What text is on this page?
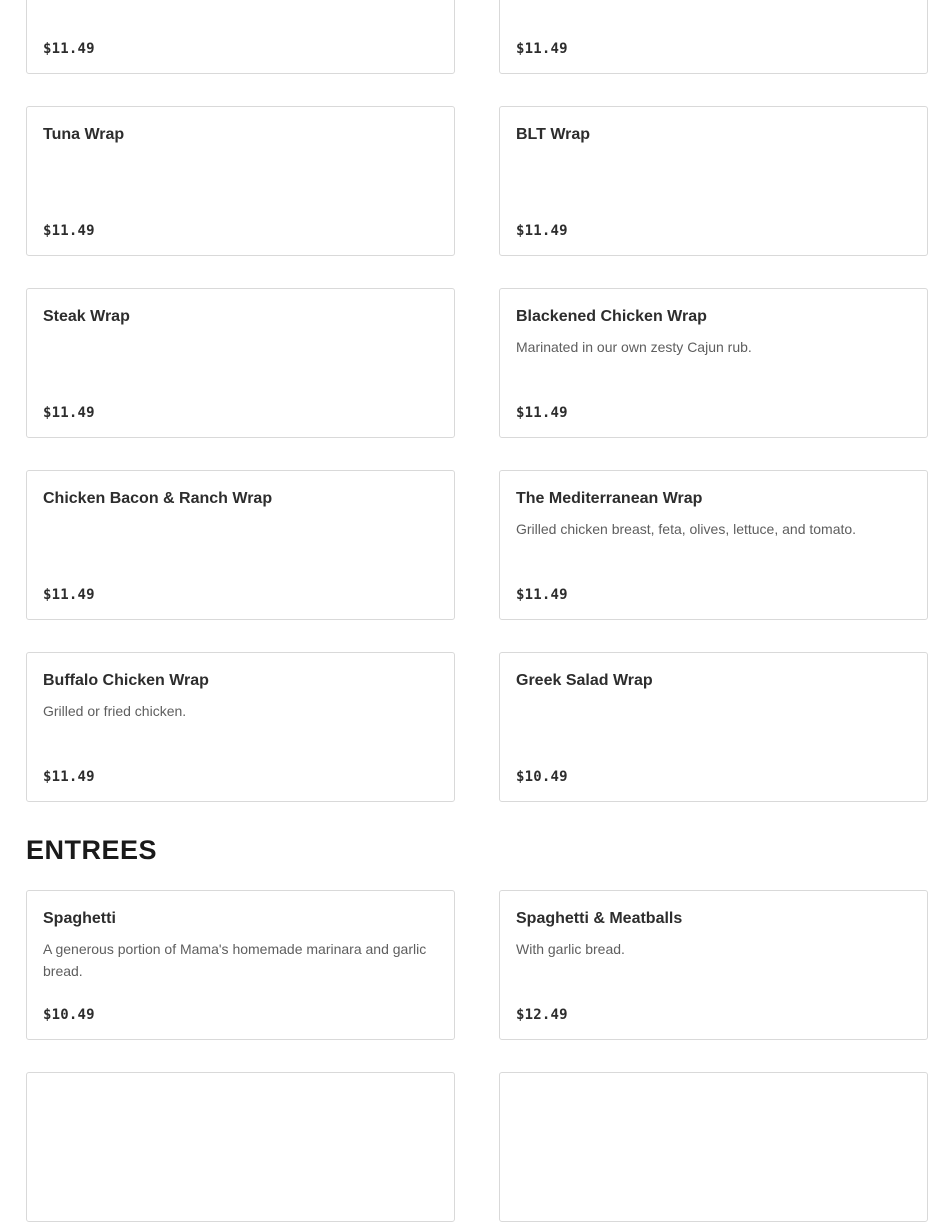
$11.49	$11.49
Tuna Wrap
$11.49
BLT Wrap
$11.49
Steak Wrap
$11.49
Blackened Chicken Wrap
Marinated in our own zesty Cajun rub.
$11.49
Chicken Bacon & Ranch Wrap
$11.49
The Mediterranean Wrap
Grilled chicken breast, feta, olives, lettuce, and tomato.
$11.49
Buffalo Chicken Wrap
Grilled or fried chicken.
$11.49
Greek Salad Wrap
$10.49
ENTREES
Spaghetti
A generous portion of Mama's homemade marinara and garlic bread.
$10.49
Spaghetti & Meatballs
With garlic bread.
$12.49
